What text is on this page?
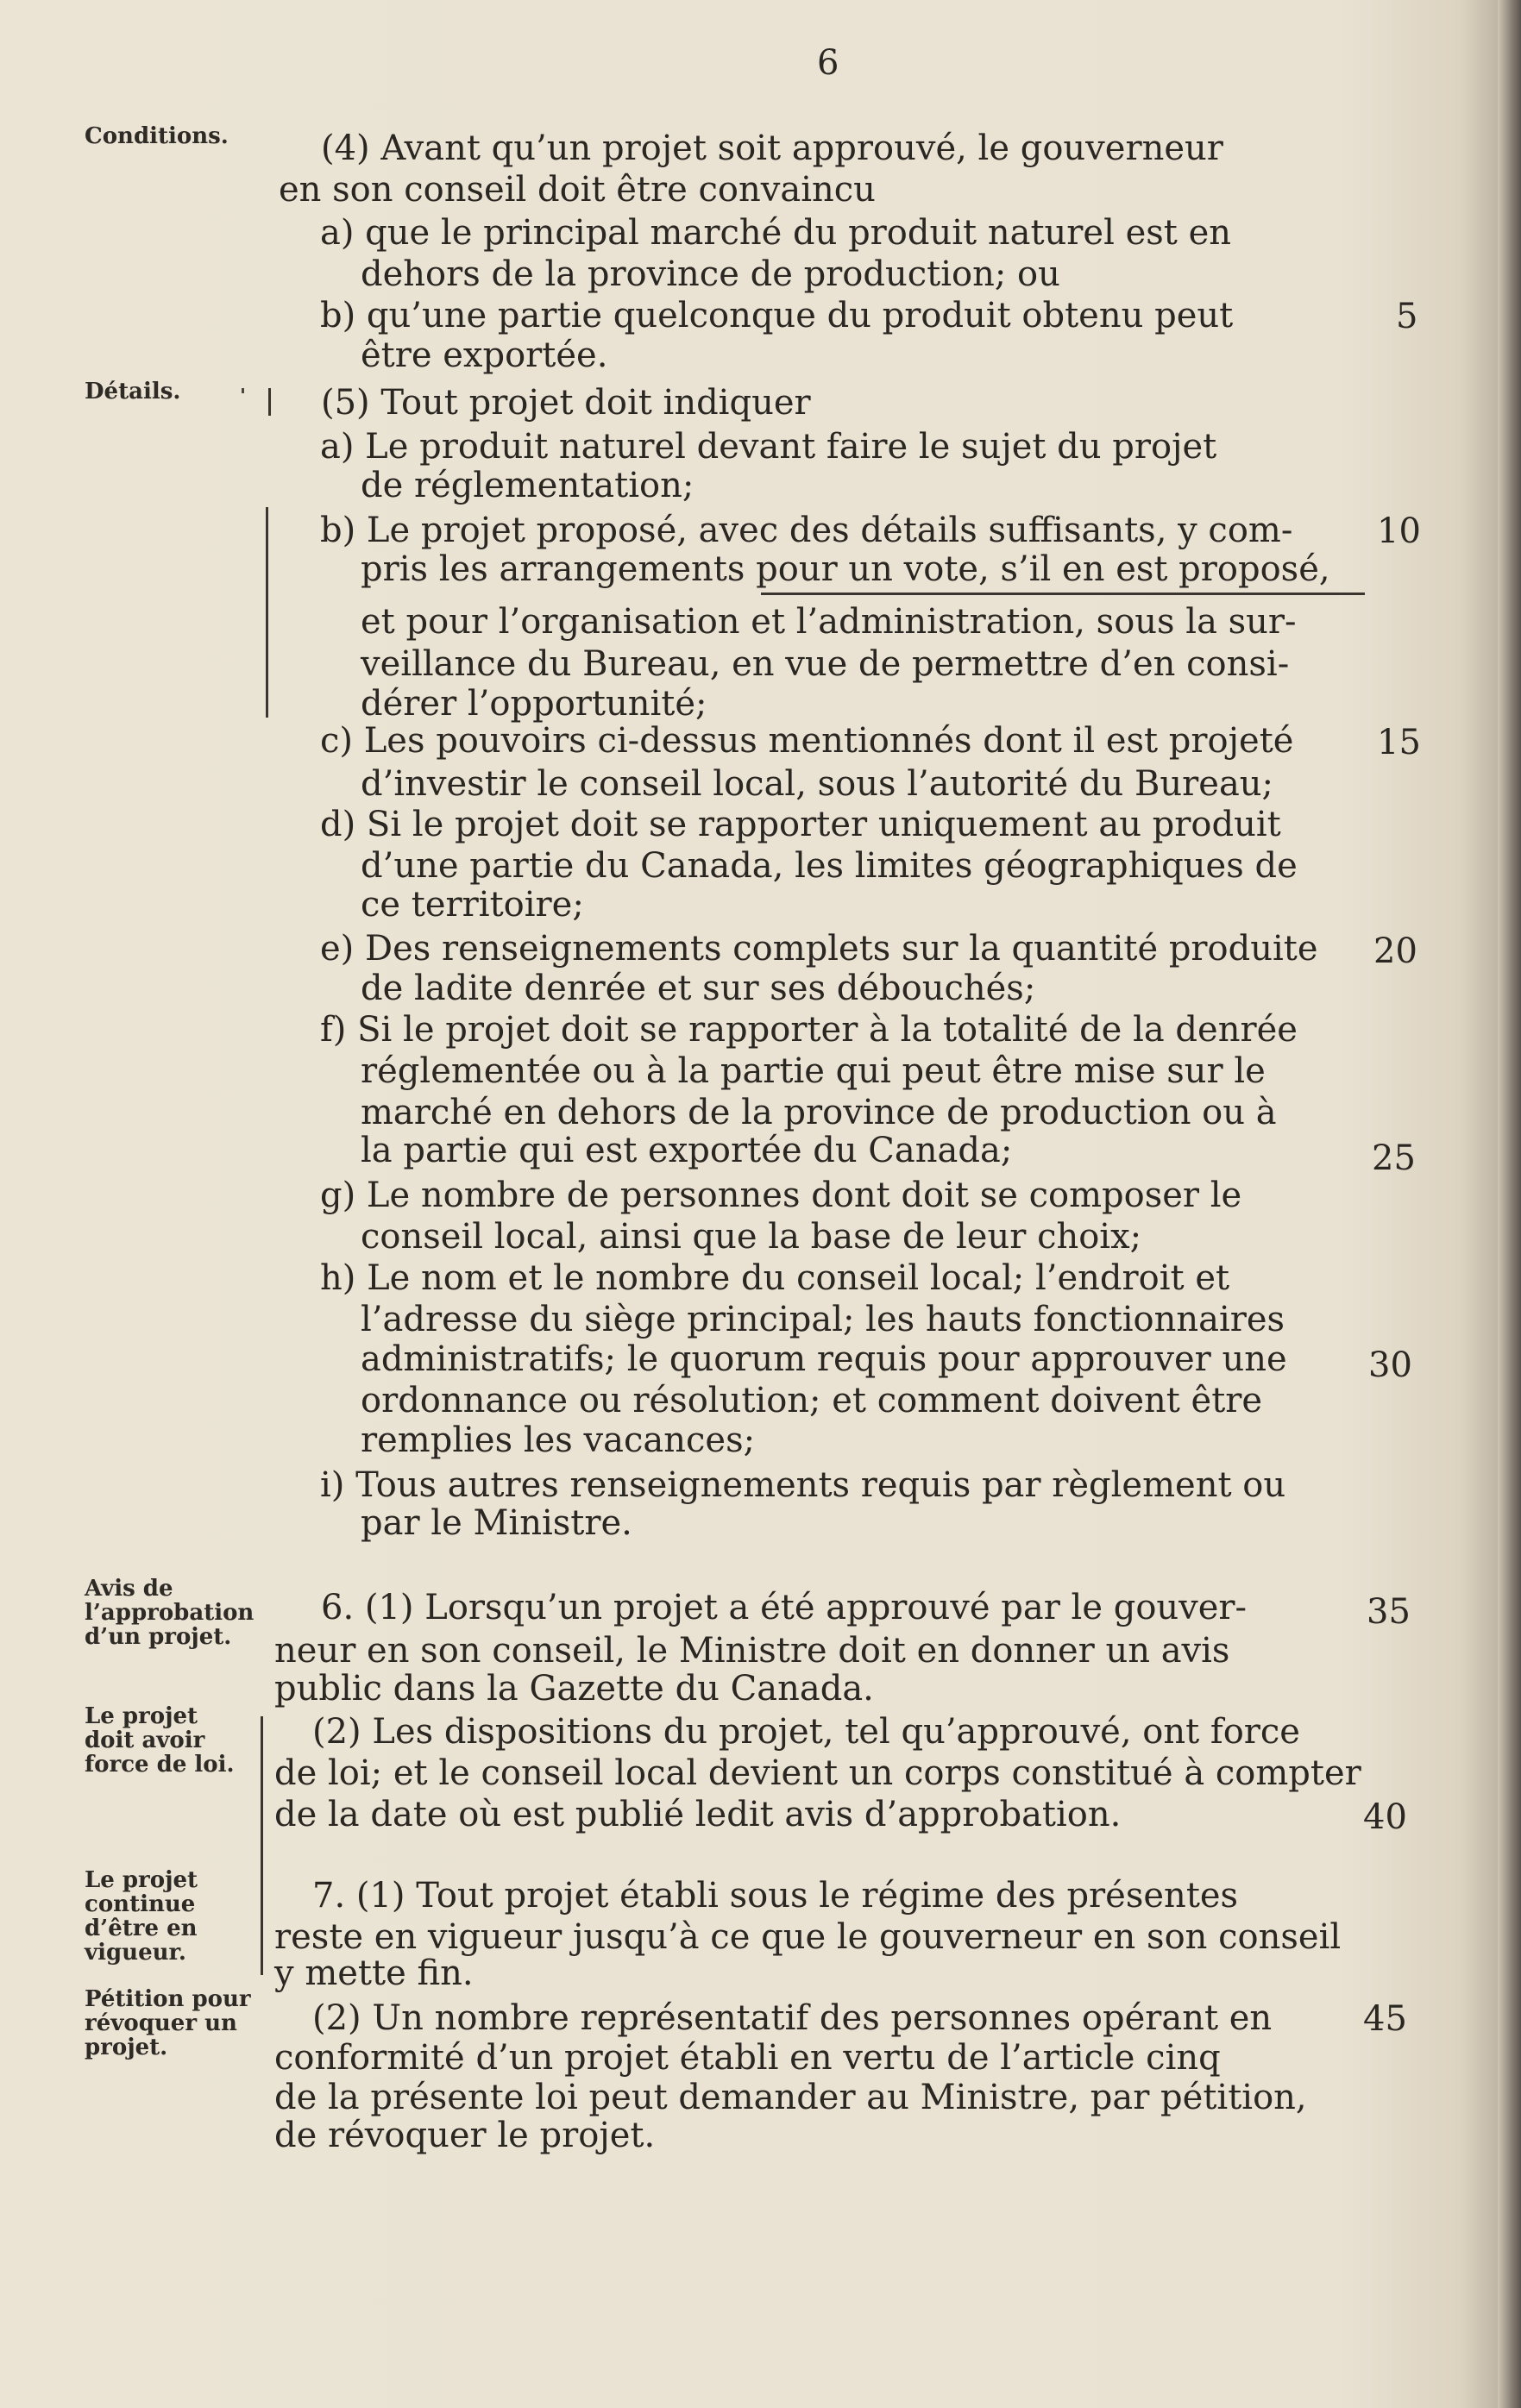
6
Conditions.
Détails.
Avis de
l’approbation
d’un projet.
Le projet
doit avoir
force de loi.
Le projet
continue
d’être en
vigueur.
Pétition pour
révoquer un
projet.
(4) Avant qu’un projet soit approuvé, le gouverneur
en son conseil doit être convaincu
a) que le principal marché du produit naturel est en
dehors de la province de production; ou
b) qu’une partie quelconque du produit obtenu peut
être exportée.
(5) Tout projet doit indiquer
a) Le produit naturel devant faire le sujet du projet
de réglementation;
b) Le projet proposé, avec des détails suffisants, y com-
pris les arrangements pour un vote, s’il en est proposé,
et pour l’organisation et l’administration, sous la sur-
veillance du Bureau, en vue de permettre d’en consi-
dérer l’opportunité;
c) Les pouvoirs ci-dessus mentionnés dont il est projeté
d’investir le conseil local, sous l’autorité du Bureau;
d) Si le projet doit se rapporter uniquement au produit
d’une partie du Canada, les limites géographiques de
ce territoire;
e) Des renseignements complets sur la quantité produite
de ladite denrée et sur ses débouchés;
f) Si le projet doit se rapporter à la totalité de la denrée
réglementée ou à la partie qui peut être mise sur le
marché en dehors de la province de production ou à
la partie qui est exportée du Canada;
g) Le nombre de personnes dont doit se composer le
conseil local, ainsi que la base de leur choix;
h) Le nom et le nombre du conseil local; l’endroit et
l’adresse du siège principal; les hauts fonctionnaires
administratifs; le quorum requis pour approuver une
ordonnance ou résolution; et comment doivent être
remplies les vacances;
i) Tous autres renseignements requis par règlement ou
par le Ministre.
6. (1) Lorsqu’un projet a été approuvé par le gouver-
neur en son conseil, le Ministre doit en donner un avis
public dans la Gazette du Canada.
(2) Les dispositions du projet, tel qu’approuvé, ont force
de loi; et le conseil local devient un corps constitué à compter
de la date où est publié ledit avis d’approbation.
7. (1) Tout projet établi sous le régime des présentes
reste en vigueur jusqu’à ce que le gouverneur en son conseil
y mette fin.
(2) Un nombre représentatif des personnes opérant en
conformité d’un projet établi en vertu de l’article cinq
de la présente loi peut demander au Ministre, par pétition,
de révoquer le projet.
5
10
15
20
25
30
35
40
45
